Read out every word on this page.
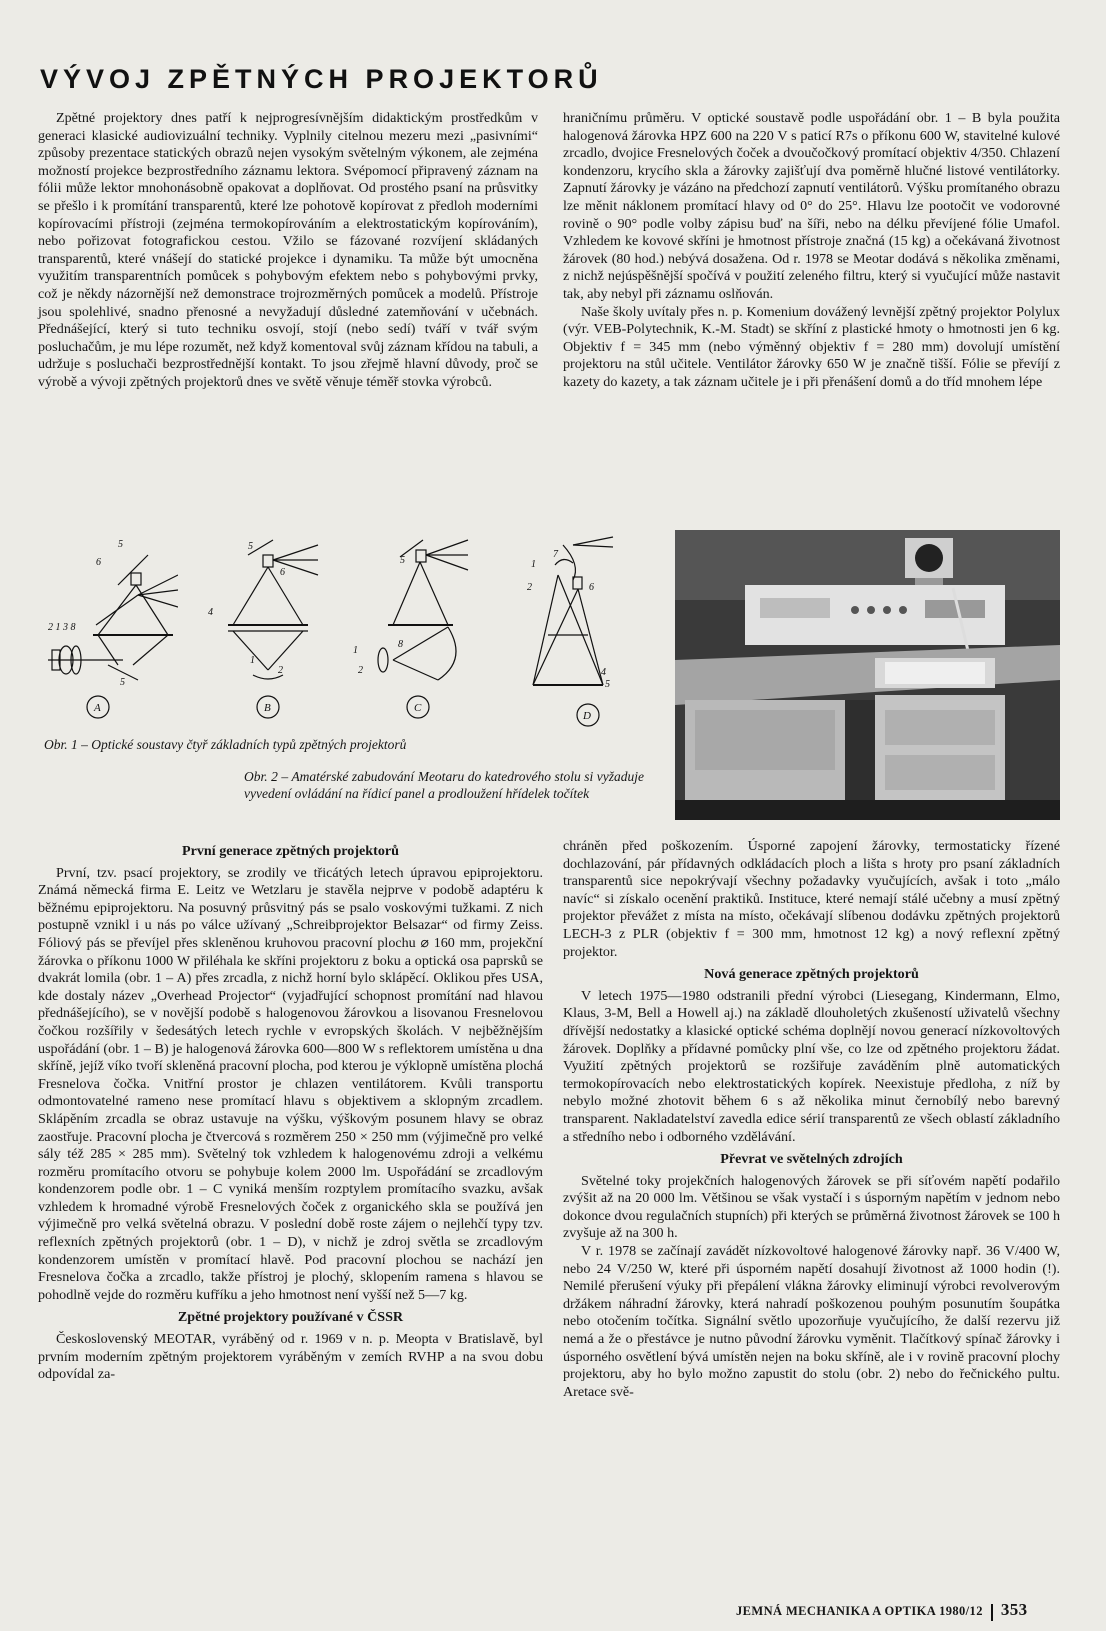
VÝVOJ ZPĚTNÝCH PROJEKTORŮ

Zpětné projektory dnes patří k nejprogresívnějším didaktickým prostředkům v generaci klasické audiovizuální techniky. Vyplnily citelnou mezeru mezi „pasivními“ způsoby prezentace statických obrazů nejen vysokým světelným výkonem, ale zejména možností projekce bezprostředního záznamu lektora. Svépomocí připravený záznam na fólii může lektor mnohonásobně opakovat a doplňovat. Od prostého psaní na průsvitky se přešlo i k promítání transparentů, které lze pohotově kopírovat z předloh moderními kopírovacími přístroji (zejména termokopírováním a elektrostatickým kopírováním), nebo pořizovat fotografickou cestou. Vžilo se fázované rozvíjení skládaných transparentů, které vnášejí do statické projekce i dynamiku. Ta může být umocněna využitím transparentních pomůcek s pohybovým efektem nebo s pohybovými prvky, což je někdy názornější než demonstrace trojrozměrných pomůcek a modelů. Přístroje jsou spolehlivé, snadno přenosné a nevyžadují důsledné zatemňování v učebnách. Přednášející, který si tuto techniku osvojí, stojí (nebo sedí) tváří v tvář svým posluchačům, je mu lépe rozumět, než když komentoval svůj záznam křídou na tabuli, a udržuje s posluchači bezprostřednější kontakt. To jsou zřejmě hlavní důvody, proč se výrobě a vývoji zpětných projektorů dnes ve světě věnuje téměř stovka výrobců.

hraničnímu průměru. V optické soustavě podle uspořádání obr. 1 – B byla použita halogenová žárovka HPZ 600 na 220 V s paticí R7s o příkonu 600 W, stavitelné kulové zrcadlo, dvojice Fresnelových čoček a dvoučočkový promítací objektiv 4/350. Chlazení kondenzoru, krycího skla a žárovky zajišťují dva poměrně hlučné listové ventilátorky. Zapnutí žárovky je vázáno na předchozí zapnutí ventilátorů. Výšku promítaného obrazu lze měnit náklonem promítací hlavy od 0° do 25°. Hlavu lze pootočit ve vodorovné rovině o 90° podle volby zápisu buď na šíři, nebo na délku převíjené fólie Umafol. Vzhledem ke kovové skříni je hmotnost přístroje značná (15 kg) a očekávaná životnost žárovek (80 hod.) nebývá dosažena. Od r. 1978 se Meotar dodává s několika změnami, z nichž nejúspěšnější spočívá v použití zeleného filtru, který si vyučující může nastavit tak, aby nebyl při záznamu oslňován.

Naše školy uvítaly přes n. p. Komenium dovážený levnější zpětný projektor Polylux (výr. VEB-Polytechnik, K.-M. Stadt) se skříní z plastické hmoty o hmotnosti jen 6 kg. Objektiv f = 345 mm (nebo výměnný objektiv f = 280 mm) dovolují umístění projektoru na stůl učitele. Ventilátor žárovky 650 W je značně tišší. Fólie se převíjí z kazety do kazety, a tak záznam učitele je i při přenášení domů a do tříd mnohem lépe

2 1 3 8
6
5
5
A
4
1
2
5
6
B
1
2
8
5
C
1
2
7
6
4
5
D
Obr. 1 – Optické soustavy čtyř základních typů zpětných projektorů
Obr. 2 – Amatérské zabudování Meotaru do katedrového stolu si vyžaduje vyvedení ovládání na řídicí panel a prodloužení hřídelek točítek
První generace zpětných projektorů

První, tzv. psací projektory, se zrodily ve třicátých letech úpravou epiprojektoru. Známá německá firma E. Leitz ve Wetzlaru je stavěla nejprve v podobě adaptéru k běžnému epiprojektoru. Na posuvný průsvitný pás se psalo voskovými tužkami. Z nich postupně vznikl i u nás po válce užívaný „Schreibprojektor Belsazar“ od firmy Zeiss. Fóliový pás se převíjel přes skleněnou kruhovou pracovní plochu ⌀ 160 mm, projekční žárovka o příkonu 1000 W přiléhala ke skříni projektoru z boku a optická osa paprsků se dvakrát lomila (obr. 1 – A) přes zrcadla, z nichž horní bylo sklápěcí. Oklikou přes USA, kde dostaly název „Overhead Projector“ (vyjadřující schopnost promítání nad hlavou přednášejícího), se v novější podobě s halogenovou žárovkou a lisovanou Fresnelovou čočkou rozšířily v šedesátých letech rychle v evropských školách. V nejběžnějším uspořádání (obr. 1 – B) je halogenová žárovka 600—800 W s reflektorem umístěna u dna skříně, jejíž víko tvoří skleněná pracovní plocha, pod kterou je výklopně umístěna plochá Fresnelova čočka. Vnitřní prostor je chlazen ventilátorem. Kvůli transportu odmontovatelné rameno nese promítací hlavu s objektivem a sklopným zrcadlem. Sklápěním zrcadla se obraz ustavuje na výšku, výškovým posunem hlavy se obraz zaostřuje. Pracovní plocha je čtvercová s rozměrem 250 × 250 mm (výjimečně pro velké sály též 285 × 285 mm). Světelný tok vzhledem k halogenovému zdroji a velkému rozměru promítacího otvoru se pohybuje kolem 2000 lm. Uspořádání se zrcadlovým kondenzorem podle obr. 1 – C vyniká menším rozptylem promítacího svazku, avšak vzhledem k hromadné výrobě Fresnelových čoček z organického skla se používá jen výjimečně pro velká světelná obrazu. V poslední době roste zájem o nejlehčí typy tzv. reflexních zpětných projektorů (obr. 1 – D), v nichž je zdroj světla se zrcadlovým kondenzorem umístěn v promítací hlavě. Pod pracovní plochou se nachází jen Fresnelova čočka a zrcadlo, takže přístroj je plochý, sklopením ramena s hlavou se pohodlně vejde do rozměru kufříku a jeho hmotnost není vyšší než 5—7 kg.

Zpětné projektory používané v ČSSR

Československý MEOTAR, vyráběný od r. 1969 v n. p. Meopta v Bratislavě, byl prvním moderním zpětným projektorem vyráběným v zemích RVHP a na svou dobu odpovídal za-

chráněn před poškozením. Úsporné zapojení žárovky, termostaticky řízené dochlazování, pár přídavných odkládacích ploch a lišta s hroty pro psaní základních transparentů sice nepokrývají všechny požadavky vyučujících, avšak i toto „málo navíc“ si získalo ocenění praktiků. Instituce, které nemají stálé učebny a musí zpětný projektor převážet z místa na místo, očekávají slíbenou dodávku zpětných projektorů LECH-3 z PLR (objektiv f = 300 mm, hmotnost 12 kg) a nový reflexní zpětný projektor.

Nová generace zpětných projektorů

V letech 1975—1980 odstranili přední výrobci (Liesegang, Kindermann, Elmo, Klaus, 3-M, Bell a Howell aj.) na základě dlouholetých zkušeností uživatelů všechny dřívější nedostatky a klasické optické schéma doplnějí novou generací nízkovoltových žárovek. Doplňky a přídavné pomůcky plní vše, co lze od zpětného projektoru žádat. Využití zpětných projektorů se rozšiřuje zaváděním plně automatických termokopírovacích nebo elektrostatických kopírek. Neexistuje předloha, z níž by nebylo možné zhotovit během 6 s až několika minut černobílý nebo barevný transparent. Nakladatelství zavedla edice sérií transparentů ze všech oblastí základního a středního nebo i odborného vzdělávání.

Převrat ve světelných zdrojích

Světelné toky projekčních halogenových žárovek se při síťovém napětí podařilo zvýšit až na 20 000 lm. Většinou se však vystačí i s úsporným napětím v jednom nebo dokonce dvou regulačních stupních) při kterých se průměrná životnost žárovek se 100 h zvyšuje až na 300 h.

V r. 1978 se začínají zavádět nízkovoltové halogenové žárovky např. 36 V/400 W, nebo 24 V/250 W, které při úsporném napětí dosahují životnost až 1000 hodin (!). Nemilé přerušení výuky při přepálení vlákna žárovky eliminují výrobci revolverovým držákem náhradní žárovky, která nahradí poškozenou pouhým posunutím šoupátka nebo otočením točítka. Signální světlo upozorňuje vyučujícího, že další rezervu již nemá a že o přestávce je nutno původní žárovku vyměnit. Tlačítkový spínač žárovky i úsporného osvětlení bývá umístěn nejen na boku skříně, ale i v rovině pracovní plochy projektoru, aby ho bylo možno zapustit do stolu (obr. 2) nebo do řečnického pultu. Aretace svě-

JEMNÁ MECHANIKA A OPTIKA 1980/12 353
